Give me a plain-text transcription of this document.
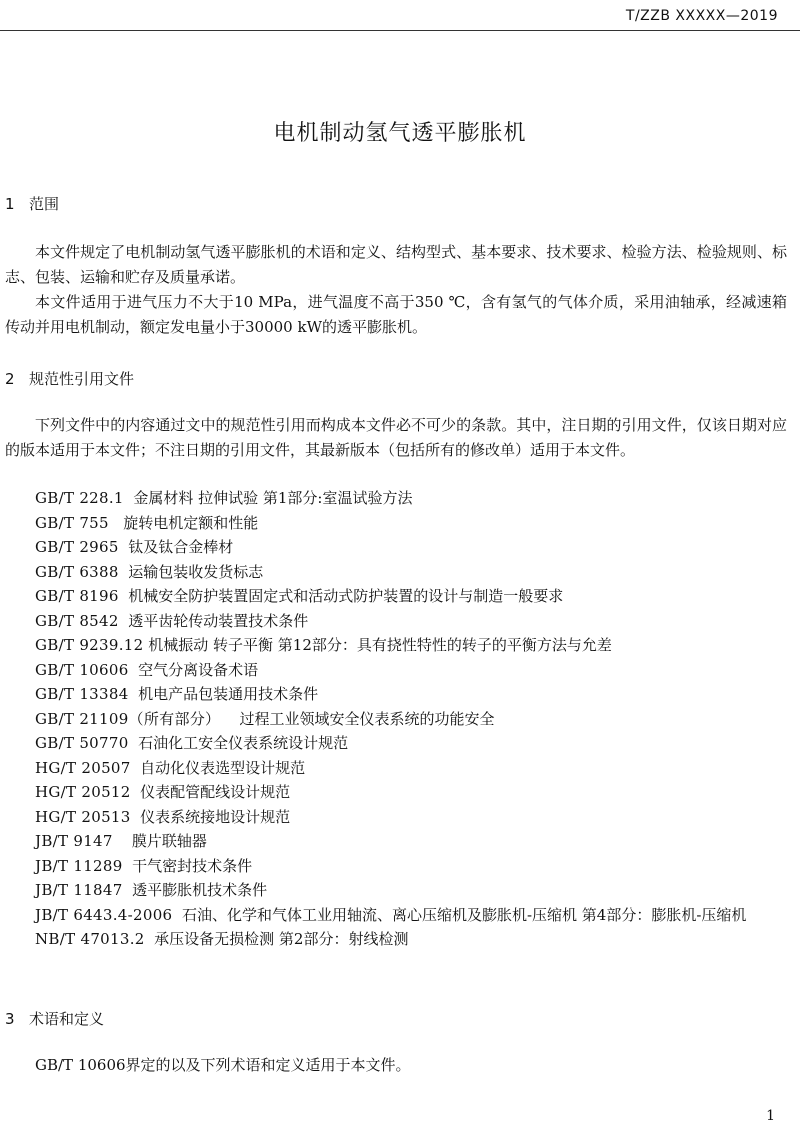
T/ZZB XXXXX—2019
电机制动氢气透平膨胀机
1 范围
本文件规定了电机制动氢气透平膨胀机的术语和定义、结构型式、基本要求、技术要求、检验方法、检验规则、标志、包装、运输和贮存及质量承诺。
本文件适用于进气压力不大于10 MPa，进气温度不高于350 ℃，含有氢气的气体介质，采用油轴承，经减速箱传动并用电机制动，额定发电量小于30000 kW的透平膨胀机。
2 规范性引用文件
下列文件中的内容通过文中的规范性引用而构成本文件必不可少的条款。其中，注日期的引用文件，仅该日期对应的版本适用于本文件；不注日期的引用文件，其最新版本（包括所有的修改单）适用于本文件。
GB/T 228.1 金属材料 拉伸试验 第1部分:室温试验方法
GB/T 755 旋转电机定额和性能
GB/T 2965 钛及钛合金棒材
GB/T 6388 运输包装收发货标志
GB/T 8196 机械安全防护装置固定式和活动式防护装置的设计与制造一般要求
GB/T 8542 透平齿轮传动装置技术条件
GB/T 9239.12 机械振动 转子平衡 第12部分：具有挠性特性的转子的平衡方法与允差
GB/T 10606 空气分离设备术语
GB/T 13384 机电产品包装通用技术条件
GB/T 21109（所有部分） 过程工业领域安全仪表系统的功能安全
GB/T 50770 石油化工安全仪表系统设计规范
HG/T 20507 自动化仪表选型设计规范
HG/T 20512 仪表配管配线设计规范
HG/T 20513 仪表系统接地设计规范
JB/T 9147 膜片联轴器
JB/T 11289 干气密封技术条件
JB/T 11847 透平膨胀机技术条件
JB/T 6443.4-2006 石油、化学和气体工业用轴流、离心压缩机及膨胀机-压缩机 第4部分：膨胀机-压缩机
NB/T 47013.2 承压设备无损检测 第2部分：射线检测
3 术语和定义
GB/T 10606界定的以及下列术语和定义适用于本文件。
1
